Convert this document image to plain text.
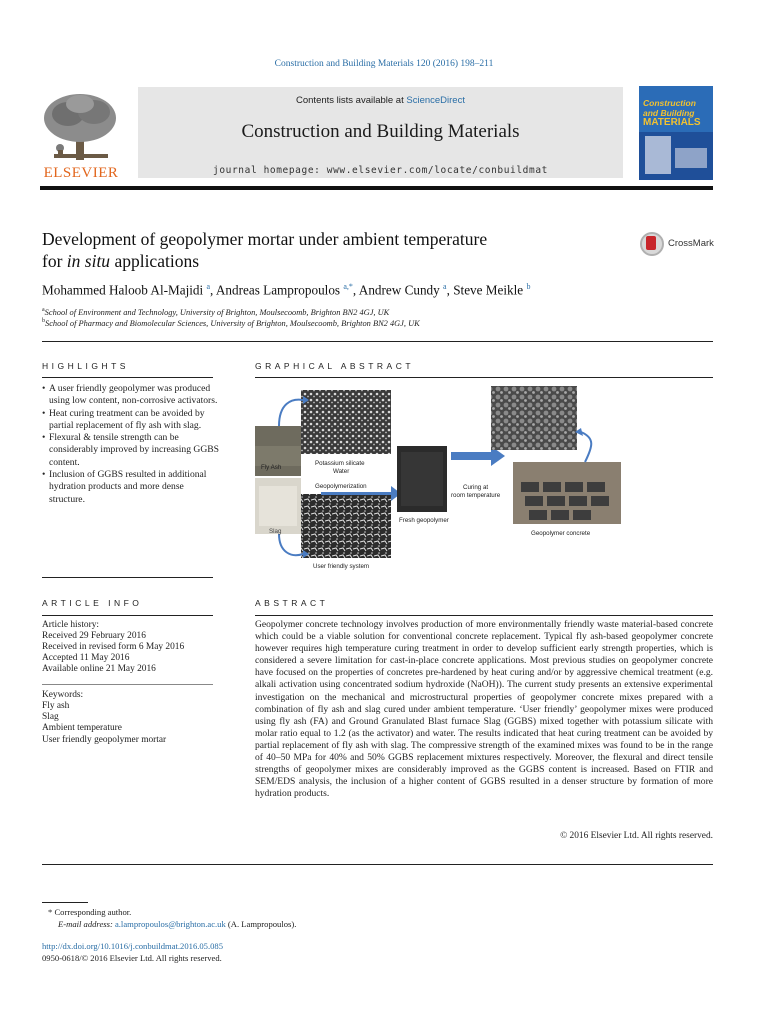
Construction and Building Materials 120 (2016) 198–211
ELSEVIER
Contents lists available at ScienceDirect
Construction and Building Materials
journal homepage: www.elsevier.com/locate/conbuildmat
Construction
and Building
MATERIALS
Development of geopolymer mortar under ambient temperature
for in situ applications
CrossMark
Mohammed Haloob Al-Majidi $^a$, Andreas Lampropoulos $^{a,*}$, Andrew Cundy $^a$, Steve Meikle $^b$
$^a$School of Environment and Technology, University of Brighton, Moulsecoomb, Brighton BN2 4GJ, UK
$^b$School of Pharmacy and Biomolecular Sciences, University of Brighton, Moulsecoomb, Brighton BN2 4GJ, UK
HIGHLIGHTS
• A user friendly geopolymer was produced using low content, non-corrosive activators.
• Heat curing treatment can be avoided by partial replacement of fly ash with slag.
• Flexural & tensile strength can be considerably improved by increasing GGBS content.
• Inclusion of GGBS resulted in additional hydration products and more dense structure.
GRAPHICAL ABSTRACT
Fly Ash
Slag
Potassium silicate
Water
Geopolymerization
User friendly system
Fresh geopolymer
Curing at
room temperature
Geopolymer concrete
ARTICLE INFO
Article history:
Received 29 February 2016
Received in revised form 6 May 2016
Accepted 11 May 2016
Available online 21 May 2016
Keywords:
Fly ash
Slag
Ambient temperature
User friendly geopolymer mortar
ABSTRACT
Geopolymer concrete technology involves production of more environmentally friendly waste material-based concrete which could be a viable solution for conventional concrete replacement. Typical fly ash-based geopolymer concrete however requires high temperature curing treatment in order to develop sufficient early strength properties, which is considered a severe limitation for cast-in-place concrete applications. Most previous studies on geopolymer concrete have focused on the properties of concretes pre-hardened by heat curing and/or by aggressive chemical treatment (e.g. alkali activation using concentrated sodium hydroxide (NaOH)). The current study presents an extensive experimental investigation on the mechanical and microstructural properties of geopolymer concrete mixes prepared with a combination of fly ash and slag cured under ambient temperature. ‘User friendly’ geopolymer mixes were produced using fly ash (FA) and Ground Granulated Blast furnace Slag (GGBS) mixed together with potassium silicate with molar ratio equal to 1.2 (as the activator) and water. The results indicated that heat curing treatment can be avoided by partial replacement of fly ash with slag. The compressive strength of the examined mixes was found to be in the range of 40–50 MPa for 40% and 50% GGBS replacement mixtures respectively. Moreover, the flexural and direct tensile strengths of geopolymer mixes are considerably improved as the GGBS content is increased. Based on FTIR and SEM/EDS analysis, the inclusion of a higher content of GGBS resulted in a denser structure by formation of more hydration products.
© 2016 Elsevier Ltd. All rights reserved.
* Corresponding author.
E-mail address: a.lampropoulos@brighton.ac.uk (A. Lampropoulos).
http://dx.doi.org/10.1016/j.conbuildmat.2016.05.085
0950-0618/© 2016 Elsevier Ltd. All rights reserved.
